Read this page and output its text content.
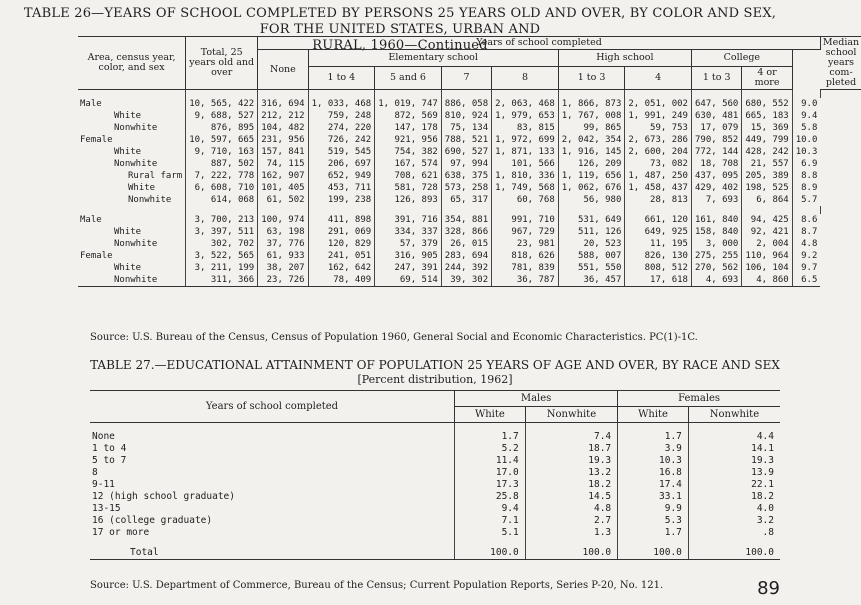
TABLE 26—YEARS OF SCHOOL COMPLETED BY PERSONS 25 YEARS OLD AND OVER, BY COLOR AND SEX, FOR THE UNITED STATES, URBAN AND
RURAL, 1960—Continued
Area, census year, color, and sex	Total, 25 years old and over	Years of school completed										Median school years com- pleted
		None	Elementary school				High school		College			
			1 to 4	5 and 6	7	8	1 to 3	4	1 to 3	4 or more		

Male	10, 565, 422	316, 694	1, 033, 468	1, 019, 747	886, 058	2, 063, 468	1, 866, 873	2, 051, 002	647, 560	680, 552	9.0	
White	9, 688, 527	212, 212	759, 248	872, 569	810, 924	1, 979, 653	1, 767, 008	1, 991, 249	630, 481	665, 183	9.4	
Nonwhite	876, 895	104, 482	274, 220	147, 178	75, 134	83, 815	99, 865	59, 753	17, 079	15, 369	5.8	
Female	10, 597, 665	231, 956	726, 242	921, 956	788, 521	1, 972, 699	2, 042, 354	2, 673, 286	790, 852	449, 799	10.0	
White	9, 710, 163	157, 841	519, 545	754, 382	690, 527	1, 871, 133	1, 916, 145	2, 600, 204	772, 144	428, 242	10.3	
Nonwhite	887, 502	74, 115	206, 697	167, 574	97, 994	101, 566	126, 209	73, 082	18, 708	21, 557	6.9	
Rural farm	7, 222, 778	162, 907	652, 949	708, 621	638, 375	1, 810, 336	1, 119, 656	1, 487, 250	437, 095	205, 389	8.8	
White	6, 608, 710	101, 405	453, 711	581, 728	573, 258	1, 749, 568	1, 062, 676	1, 458, 437	429, 402	198, 525	8.9	
Nonwhite	614, 068	61, 502	199, 238	126, 893	65, 317	60, 768	56, 980	28, 813	7, 693	6, 864	5.7	

Male	3, 700, 213	100, 974	411, 898	391, 716	354, 881	991, 710	531, 649	661, 120	161, 840	94, 425	8.6	
White	3, 397, 511	63, 198	291, 069	334, 337	328, 866	967, 729	511, 126	649, 925	158, 840	92, 421	8.7	
Nonwhite	302, 702	37, 776	120, 829	57, 379	26, 015	23, 981	20, 523	11, 195	3, 000	2, 004	4.8	
Female	3, 522, 565	61, 933	241, 051	316, 905	283, 694	818, 626	588, 007	826, 130	275, 255	110, 964	9.2	
White	3, 211, 199	38, 207	162, 642	247, 391	244, 392	781, 839	551, 550	808, 512	270, 562	106, 104	9.7	
Nonwhite	311, 366	23, 726	78, 409	69, 514	39, 302	36, 787	36, 457	17, 618	4, 693	4, 860	6.5	
Source: U.S. Bureau of the Census, Census of Population 1960, General Social and Economic Characteristics. PC(1)-1C.
TABLE 27.—EDUCATIONAL ATTAINMENT OF POPULATION 25 YEARS OF AGE AND OVER, BY RACE AND SEX
[Percent distribution, 1962]
Years of school completed	Males		Females	
	White	Nonwhite	White	Nonwhite

None	1.7	7.4	1.7	4.4
1 to 4	5.2	18.7	3.9	14.1
5 to 7	11.4	19.3	10.3	19.3
8	17.0	13.2	16.8	13.9
9-11	17.3	18.2	17.4	22.1
12 (high school graduate)	25.8	14.5	33.1	18.2
13-15	9.4	4.8	9.9	4.0
16 (college graduate)	7.1	2.7	5.3	3.2
17 or more	5.1	1.3	1.7	.8

Total	100.0	100.0	100.0	100.0
Source: U.S. Department of Commerce, Bureau of the Census; Current Population Reports, Series P-20, No. 121.	89
